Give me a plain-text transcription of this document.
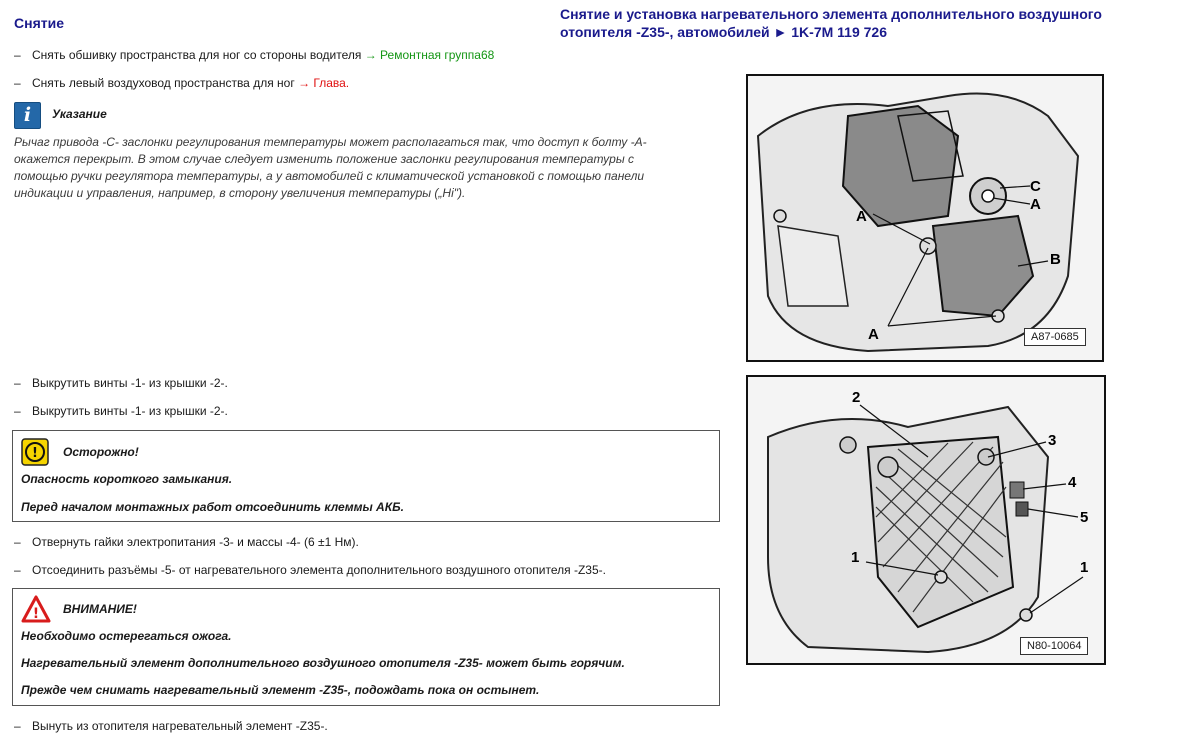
Снятие
Снятие и установка нагревательного элемента дополнительного воздушного
отопителя -Z35-, автомобилей ► 1K-7M 119 726
– Снять обшивку пространства для ног со стороны водителя → Ремонтная группа68
– Снять левый воздуховод пространства для ног → Глава.
i	Указание
Рычаг привода -C- заслонки регулирования температуры может располагаться так, что доступ к болту -A-
окажется перекрыт. В этом случае следует изменить положение заслонки регулирования температуры с
помощью ручки регулятора температуры, а у автомобилей с климатической установкой с помощью панели
индикации и управления, например, в сторону увеличения температуры („Hi").
– Выкрутить винты -1- из крышки -2-.
– Выкрутить винты -1- из крышки -2-.
! Осторожно!
Опасность короткого замыкания.
Перед началом монтажных работ отсоединить клеммы АКБ.
– Отвернуть гайки электропитания -3- и массы -4- (6 ±1 Нм).
– Отсоединить разъёмы -5- от нагревательного элемента дополнительного воздушного отопителя -Z35-.
! ВНИМАНИЕ!
Необходимо остерегаться ожога.
Нагревательный элемент дополнительного воздушного отопителя -Z35- может быть горячим.
Прежде чем снимать нагревательный элемент -Z35-, подождать пока он остынет.
– Вынуть из отопителя нагревательный элемент -Z35-.
A
A
C
B
A	A87-0685
2
3
4
5
1
1
N80-10064
